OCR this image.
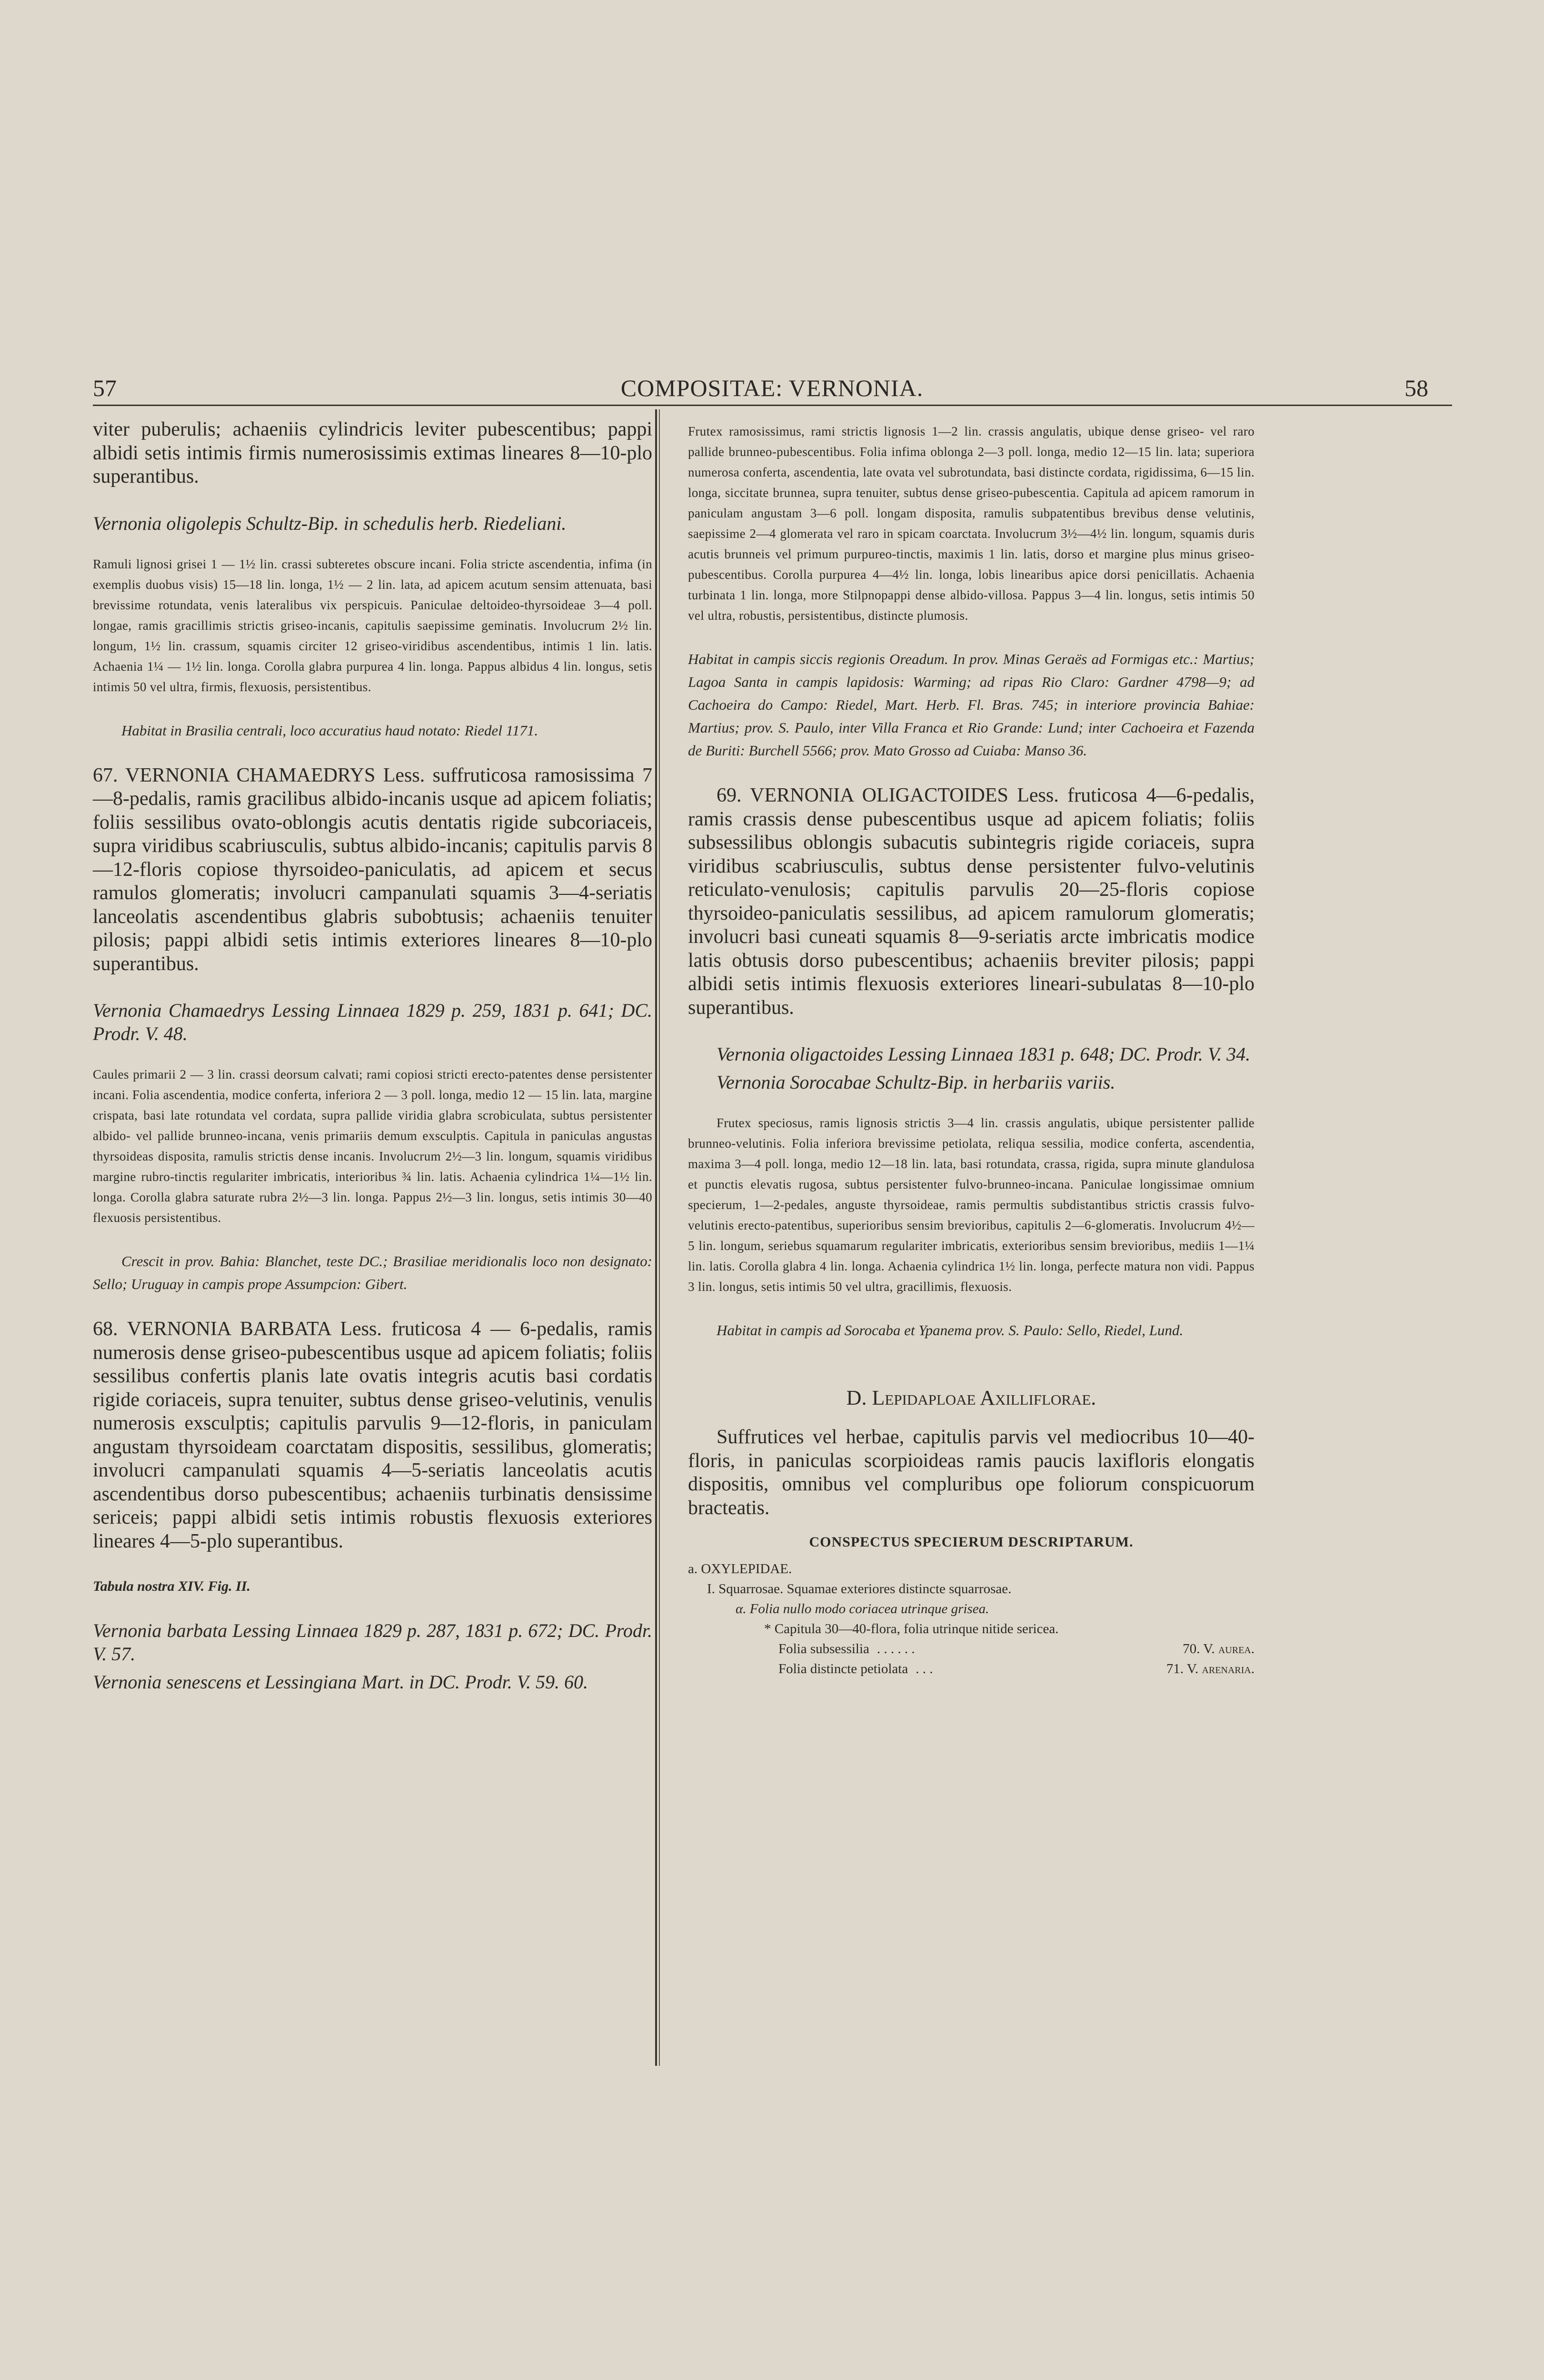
57	COMPOSITAE: VERNONIA.	58

viter puberulis; achaeniis cylindricis leviter pubescentibus; pappi albidi setis intimis firmis numerosissimis extimas lineares 8—10-plo superantibus.

Vernonia oligolepis Schultz-Bip. in schedulis herb. Riedeliani.

Ramuli lignosi grisei 1 — 1½ lin. crassi subteretes obscure incani. Folia stricte ascendentia, infima (in exemplis duobus visis) 15—18 lin. longa, 1½ — 2 lin. lata, ad apicem acutum sensim attenuata, basi brevissime rotundata, venis lateralibus vix perspicuis. Paniculae deltoideo-thyrsoideae 3—4 poll. longae, ramis gracillimis strictis griseo-incanis, capitulis saepissime geminatis. Involucrum 2½ lin. longum, 1½ lin. crassum, squamis circiter 12 griseo-viridibus ascendentibus, intimis 1 lin. latis. Achaenia 1¼ — 1½ lin. longa. Corolla glabra purpurea 4 lin. longa. Pappus albidus 4 lin. longus, setis intimis 50 vel ultra, firmis, flexuosis, persistentibus.

Habitat in Brasilia centrali, loco accuratius haud notato: Riedel 1171.

67. VERNONIA CHAMAEDRYS Less. suffruticosa ramosissima 7—8-pedalis, ramis gracilibus albido-incanis usque ad apicem foliatis; foliis sessilibus ovato-oblongis acutis dentatis rigide subcoriaceis, supra viridibus scabriusculis, subtus albido-incanis; capitulis parvis 8—12-floris copiose thyrsoideo-paniculatis, ad apicem et secus ramulos glomeratis; involucri campanulati squamis 3—4-seriatis lanceolatis ascendentibus glabris subobtusis; achaeniis tenuiter pilosis; pappi albidi setis intimis exteriores lineares 8—10-plo superantibus.

Vernonia Chamaedrys Lessing Linnaea 1829 p. 259, 1831 p. 641; DC. Prodr. V. 48.

Caules primarii 2 — 3 lin. crassi deorsum calvati; rami copiosi stricti erecto-patentes dense persistenter incani. Folia ascendentia, modice conferta, inferiora 2 — 3 poll. longa, medio 12 — 15 lin. lata, margine crispata, basi late rotundata vel cordata, supra pallide viridia glabra scrobiculata, subtus persistenter albido- vel pallide brunneo-incana, venis primariis demum exsculptis. Capitula in paniculas angustas thyrsoideas disposita, ramulis strictis dense incanis. Involucrum 2½—3 lin. longum, squamis viridibus margine rubro-tinctis regulariter imbricatis, interioribus ¾ lin. latis. Achaenia cylindrica 1¼—1½ lin. longa. Corolla glabra saturate rubra 2½—3 lin. longa. Pappus 2½—3 lin. longus, setis intimis 30—40 flexuosis persistentibus.

Crescit in prov. Bahia: Blanchet, teste DC.; Brasiliae meridionalis loco non designato: Sello; Uruguay in campis prope Assumpcion: Gibert.

68. VERNONIA BARBATA Less. fruticosa 4 — 6-pedalis, ramis numerosis dense griseo-pubescentibus usque ad apicem foliatis; foliis sessilibus confertis planis late ovatis integris acutis basi cordatis rigide coriaceis, supra tenuiter, subtus dense griseo-velutinis, venulis numerosis exsculptis; capitulis parvulis 9—12-floris, in paniculam angustam thyrsoideam coarctatam dispositis, sessilibus, glomeratis; involucri campanulati squamis 4—5-seriatis lanceolatis acutis ascendentibus dorso pubescentibus; achaeniis turbinatis densissime sericeis; pappi albidi setis intimis robustis flexuosis exteriores lineares 4—5-plo superantibus.

Tabula nostra XIV. Fig. II.

Vernonia barbata Lessing Linnaea 1829 p. 287, 1831 p. 672; DC. Prodr. V. 57.

Vernonia senescens et Lessingiana Mart. in DC. Prodr. V. 59. 60.

Frutex ramosissimus, rami strictis lignosis 1—2 lin. crassis angulatis, ubique dense griseo- vel raro pallide brunneo-pubescentibus. Folia infima oblonga 2—3 poll. longa, medio 12—15 lin. lata; superiora numerosa conferta, ascendentia, late ovata vel subrotundata, basi distincte cordata, rigidissima, 6—15 lin. longa, siccitate brunnea, supra tenuiter, subtus dense griseo-pubescentia. Capitula ad apicem ramorum in paniculam angustam 3—6 poll. longam disposita, ramulis subpatentibus brevibus dense velutinis, saepissime 2—4 glomerata vel raro in spicam coarctata. Involucrum 3½—4½ lin. longum, squamis duris acutis brunneis vel primum purpureo-tinctis, maximis 1 lin. latis, dorso et margine plus minus griseo-pubescentibus. Corolla purpurea 4—4½ lin. longa, lobis linearibus apice dorsi penicillatis. Achaenia turbinata 1 lin. longa, more Stilpnopappi dense albido-villosa. Pappus 3—4 lin. longus, setis intimis 50 vel ultra, robustis, persistentibus, distincte plumosis.

Habitat in campis siccis regionis Oreadum. In prov. Minas Geraës ad Formigas etc.: Martius; Lagoa Santa in campis lapidosis: Warming; ad ripas Rio Claro: Gardner 4798—9; ad Cachoeira do Campo: Riedel, Mart. Herb. Fl. Bras. 745; in interiore provincia Bahiae: Martius; prov. S. Paulo, inter Villa Franca et Rio Grande: Lund; inter Cachoeira et Fazenda de Buriti: Burchell 5566; prov. Mato Grosso ad Cuiaba: Manso 36.

69. VERNONIA OLIGACTOIDES Less. fruticosa 4—6-pedalis, ramis crassis dense pubescentibus usque ad apicem foliatis; foliis subsessilibus oblongis subacutis subintegris rigide coriaceis, supra viridibus scabriusculis, subtus dense persistenter fulvo-velutinis reticulato-venulosis; capitulis parvulis 20—25-floris copiose thyrsoideo-paniculatis sessilibus, ad apicem ramulorum glomeratis; involucri basi cuneati squamis 8—9-seriatis arcte imbricatis modice latis obtusis dorso pubescentibus; achaeniis breviter pilosis; pappi albidi setis intimis flexuosis exteriores lineari-subulatas 8—10-plo superantibus.

Vernonia oligactoides Lessing Linnaea 1831 p. 648; DC. Prodr. V. 34.

Vernonia Sorocabae Schultz-Bip. in herbariis variis.

Frutex speciosus, ramis lignosis strictis 3—4 lin. crassis angulatis, ubique persistenter pallide brunneo-velutinis. Folia inferiora brevissime petiolata, reliqua sessilia, modice conferta, ascendentia, maxima 3—4 poll. longa, medio 12—18 lin. lata, basi rotundata, crassa, rigida, supra minute glandulosa et punctis elevatis rugosa, subtus persistenter fulvo-brunneo-incana. Paniculae longissimae omnium specierum, 1—2-pedales, anguste thyrsoideae, ramis permultis subdistantibus strictis crassis fulvo-velutinis erecto-patentibus, superioribus sensim brevioribus, capitulis 2—6-glomeratis. Involucrum 4½—5 lin. longum, seriebus squamarum regulariter imbricatis, exterioribus sensim brevioribus, mediis 1—1¼ lin. latis. Corolla glabra 4 lin. longa. Achaenia cylindrica 1½ lin. longa, perfecte matura non vidi. Pappus 3 lin. longus, setis intimis 50 vel ultra, gracillimis, flexuosis.

Habitat in campis ad Sorocaba et Ypanema prov. S. Paulo: Sello, Riedel, Lund.

D. Lepidaploae Axilliflorae.

Suffrutices vel herbae, capitulis parvis vel mediocribus 10—40-floris, in paniculas scorpioideas ramis paucis laxifloris elongatis dispositis, omnibus vel compluribus ope foliorum conspicuorum bracteatis.

CONSPECTUS SPECIERUM DESCRIPTARUM.

a. OXYLEPIDAE.

I. Squarrosae. Squamae exteriores distincte squarrosae.

α. Folia nullo modo coriacea utrinque grisea.

* Capitula 30—40-flora, folia utrinque nitide sericea.

Folia subsessilia . . . . . .	70. V. aurea.
Folia distincte petiolata . . .	71. V. arenaria.
